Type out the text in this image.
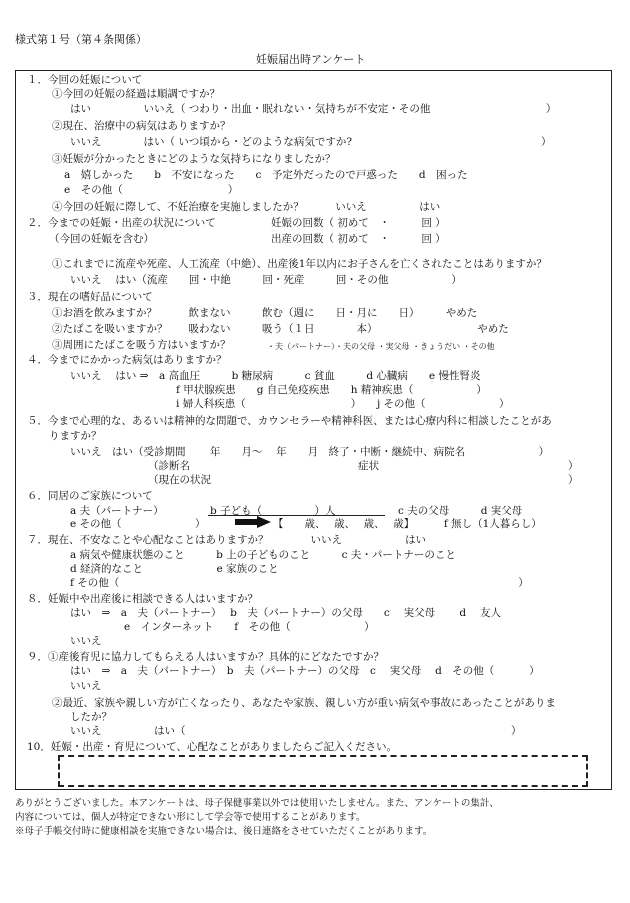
様式第１号（第４条関係）
妊娠届出時アンケート
１．今回の妊娠について
①今回の妊娠の経過は順調ですか？
はい　　　　　いいえ（ つわり・出血・眠れない・気持ちが不安定・その他　　　　　　　　　　　）
②現在、治療中の病気はありますか？
いいえ　　　　はい（ いつ頃から・どのような病気ですか?　　　　　　　　　　　　　　　　　　）
③妊娠が分かったときにどのような気持ちになりましたか？
a　嬉しかった　　b　不安になった　　c　予定外だったので戸惑った　　d　困った
e　その他（　　　　　　　　　　）
④今回の妊娠に際して、不妊治療を実施しましたか？　　　いいえ　　　　　はい
２．今までの妊娠・出産の状況について
（今回の妊娠を含む）
妊娠の回数（ 初めて　・　　　回 ）
出産の回数（ 初めて　・　　　回 ）
①これまでに流産や死産、人工流産（中絶）、出産後1年以内にお子さんを亡くされたことはありますか？
いいえ　 はい（流産　　回・中絶　　　回・死産　　　回・その他　　　　　　）
３．現在の嗜好品について
①お酒を飲みますか？　　　飲まない　　　飲む（週に　　日・月に　　日）　　　やめた
②たばこを吸いますか？　　吸わない　　　吸う（１日　　　　本）　　　　　　　　　　やめた
③周囲にたばこを吸う方はいますか？	・夫（パートナー）・夫の父母 ・実父母 ・きょうだい ・その他
４．今までにかかった病気はありますか？
いいえ　 はい ⇒　a 高血圧　　　b 糖尿病　　　c 貧血　　　d 心臓病　　e 慢性腎炎
f 甲状腺疾患　　g 自己免疫疾患　　h 精神疾患（　　　　　　）
i 婦人科疾患（　　　　　　　　　　）　　j その他（　　　　　　　）
５．今まで心理的な、あるいは精神的な問題で、カウンセラーや精神科医、または心療内科に相談したことがあ
りますか？
いいえ　はい（受診期間　　 年　　月〜　 年　　月　終了・中断・継続中、病院名　　　　　　　）
（診断名　　　　　　　　　　　　　　　　症状　　　　　　　　　　　　　　　　　　）
（現在の状況　　　　　　　　　　　　　　　　　　　　　　　　　　　　　　　　　　）
６．同居のご家族について
a 夫（パートナー）	b 子ども（　　　　　）人	c 夫の父母　　　d 実父母
e その他（　　　　　　　）	【　　歳、　 歳、　 歳、　 歳】　　　 f 無し（1人暮らし）
７．現在、不安なことや心配なことはありますか？　　　　いいえ　　　　　　はい
a 病気や健康状態のこと　　　b 上の子どものこと　　　c 夫・パートナーのこと
d 経済的なこと　　　　　　　e 家族のこと
f その他（　　　　　　　　　　　　　　　　　　　　　　　　　　　　　　　　　　　　　　）
８．妊娠中や出産後に相談できる人はいますか？
はい　⇒　a　夫（パートナー）　 b　夫（パートナー）の父母　　c　 実父母　　 d　 友人
e　インターネット　　f　その他（　　　　　　　）
いいえ
９．①産後育児に協力してもらえる人はいますか？具体的にどなたですか？
はい　⇒　a　夫（パートナー）　b　夫（パートナー）の父母　c　 実父母　 d　その他（　　　 ）
いいえ
②最近、家族や親しい方が亡くなったり、あなたや家族、親しい方が重い病気や事故にあったことがありま
したか？
いいえ　　　　　はい（　　　　　　　　　　　　　　　　　　　　　　　　　　　　　　　）
10．妊娠・出産・育児について、心配なことがありましたらご記入ください。
ありがとうございました。本アンケートは、母子保健事業以外では使用いたしません。また、アンケートの集計、
内容については、個人が特定できない形にして学会等で使用することがあります。
※母子手帳交付時に健康相談を実施できない場合は、後日連絡をさせていただくことがあります。
